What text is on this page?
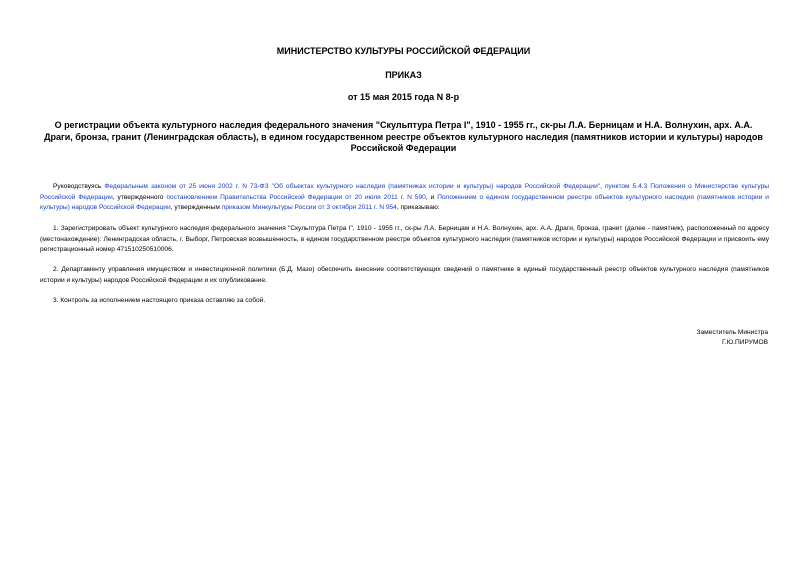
МИНИСТЕРСТВО КУЛЬТУРЫ РОССИЙСКОЙ ФЕДЕРАЦИИ
ПРИКАЗ
от 15 мая 2015 года N 8-р
О регистрации объекта культурного наследия федерального значения "Скульптура Петра I", 1910 - 1955 гг., ск-ры Л.А. Берницам и Н.А. Волнухин, арх. А.А. Драги, бронза, гранит (Ленинградская область), в едином государственном реестре объектов культурного наследия (памятников истории и культуры) народов Российской Федерации
Руководствуясь Федеральным законом от 25 июня 2002 г. N 73-ФЗ "Об объектах культурного наследия (памятниках истории и культуры) народов Российской Федерации", пунктом 5.4.3 Положения о Министерстве культуры Российской Федерации, утвержденного постановлением Правительства Российской Федерации от 20 июля 2011 г. N 590, и Положением о едином государственном реестре объектов культурного наследия (памятников истории и культуры) народов Российской Федерации, утвержденным приказом Минкультуры России от 3 октября 2011 г. N 954, приказываю:
1. Зарегистрировать объект культурного наследия федерального значения "Скульптура Петра I", 1910 - 1955 гг., ск-ры Л.А. Берницам и Н.А. Волнухин, арх. А.А. Драги, бронза, гранит (далее - памятник), расположенный по адресу (местонахождение): Ленинградская область, г. Выборг, Петровская возвышенность, в едином государственном реестре объектов культурного наследия (памятников истории и культуры) народов Российской Федерации и присвоить ему регистрационный номер 471510250510006.
2. Департаменту управления имуществом и инвестиционной политики (Б.Д. Мазо) обеспечить внесение соответствующих сведений о памятнике в единый государственный реестр объектов культурного наследия (памятников истории и культуры) народов Российской Федерации и их опубликование.
3. Контроль за исполнением настоящего приказа оставляю за собой.
Заместитель Министра
Г.Ю.ПИРУМОВ
